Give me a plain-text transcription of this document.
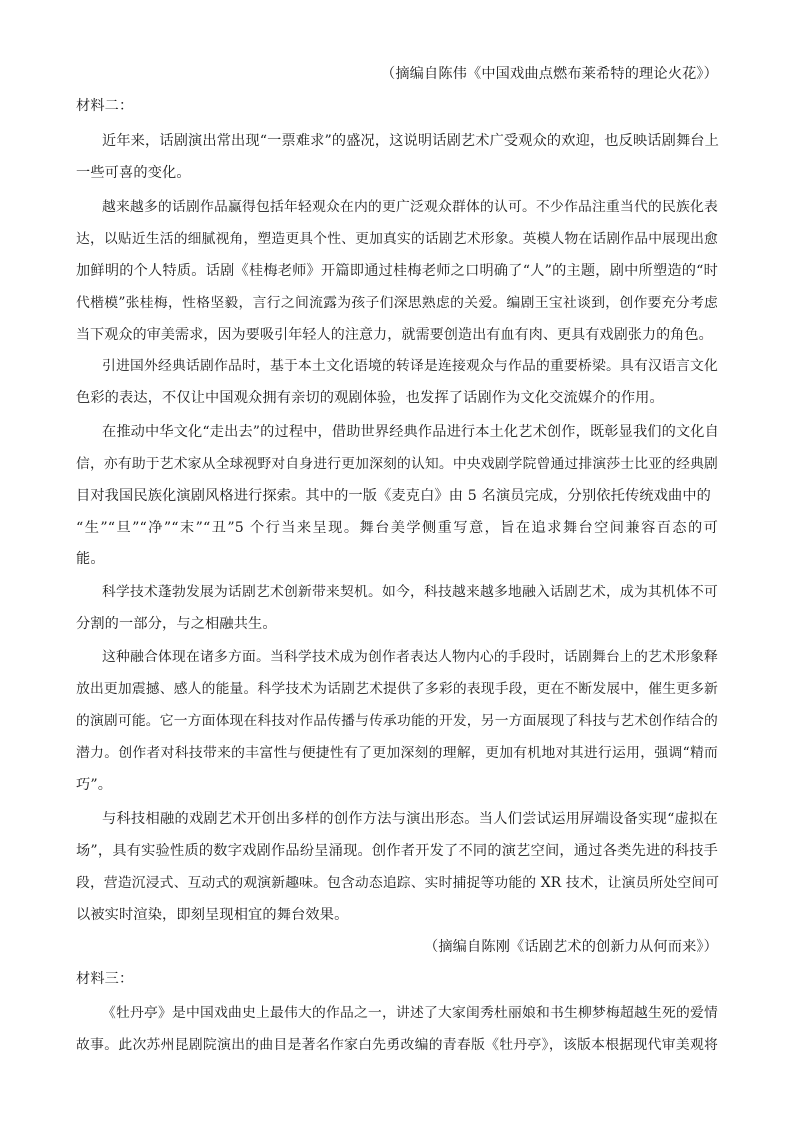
（摘编自陈伟《中国戏曲点燃布莱希特的理论火花》）
材料二：
近年来，话剧演出常出现“一票难求”的盛况，这说明话剧艺术广受观众的欢迎，也反映话剧舞台上
一些可喜的变化。
越来越多的话剧作品赢得包括年轻观众在内的更广泛观众群体的认可。不少作品注重当代的民族化表
达，以贴近生活的细腻视角，塑造更具个性、更加真实的话剧艺术形象。英模人物在话剧作品中展现出愈
加鲜明的个人特质。话剧《桂梅老师》开篇即通过桂梅老师之口明确了“人”的主题，剧中所塑造的“时
代楷模”张桂梅，性格坚毅，言行之间流露为孩子们深思熟虑的关爱。编剧王宝社谈到，创作要充分考虑
当下观众的审美需求，因为要吸引年轻人的注意力，就需要创造出有血有肉、更具有戏剧张力的角色。
引进国外经典话剧作品时，基于本土文化语境的转译是连接观众与作品的重要桥梁。具有汉语言文化
色彩的表达，不仅让中国观众拥有亲切的观剧体验，也发挥了话剧作为文化交流媒介的作用。
在推动中华文化“走出去”的过程中，借助世界经典作品进行本土化艺术创作，既彰显我们的文化自
信，亦有助于艺术家从全球视野对自身进行更加深刻的认知。中央戏剧学院曾通过排演莎士比亚的经典剧
目对我国民族化演剧风格进行探索。其中的一版《麦克白》由 5 名演员完成，分别依托传统戏曲中的
“生”“旦”“净”“末”“丑”5 个行当来呈现。舞台美学侧重写意，旨在追求舞台空间兼容百态的可
能。
科学技术蓬勃发展为话剧艺术创新带来契机。如今，科技越来越多地融入话剧艺术，成为其机体不可
分割的一部分，与之相融共生。
这种融合体现在诸多方面。当科学技术成为创作者表达人物内心的手段时，话剧舞台上的艺术形象释
放出更加震撼、感人的能量。科学技术为话剧艺术提供了多彩的表现手段，更在不断发展中，催生更多新
的演剧可能。它一方面体现在科技对作品传播与传承功能的开发，另一方面展现了科技与艺术创作结合的
潜力。创作者对科技带来的丰富性与便捷性有了更加深刻的理解，更加有机地对其进行运用，强调“精而
巧”。
与科技相融的戏剧艺术开创出多样的创作方法与演出形态。当人们尝试运用屏端设备实现“虚拟在
场”，具有实验性质的数字戏剧作品纷呈涌现。创作者开发了不同的演艺空间，通过各类先进的科技手
段，营造沉浸式、互动式的观演新趣味。包含动态追踪、实时捕捉等功能的 XR 技术，让演员所处空间可
以被实时渲染，即刻呈现相宜的舞台效果。
（摘编自陈刚《话剧艺术的创新力从何而来》）
材料三：
《牡丹亭》是中国戏曲史上最伟大的作品之一，讲述了大家闺秀杜丽娘和书生柳梦梅超越生死的爱情
故事。此次苏州昆剧院演出的曲目是著名作家白先勇改编的青春版《牡丹亭》，该版本根据现代审美观将
